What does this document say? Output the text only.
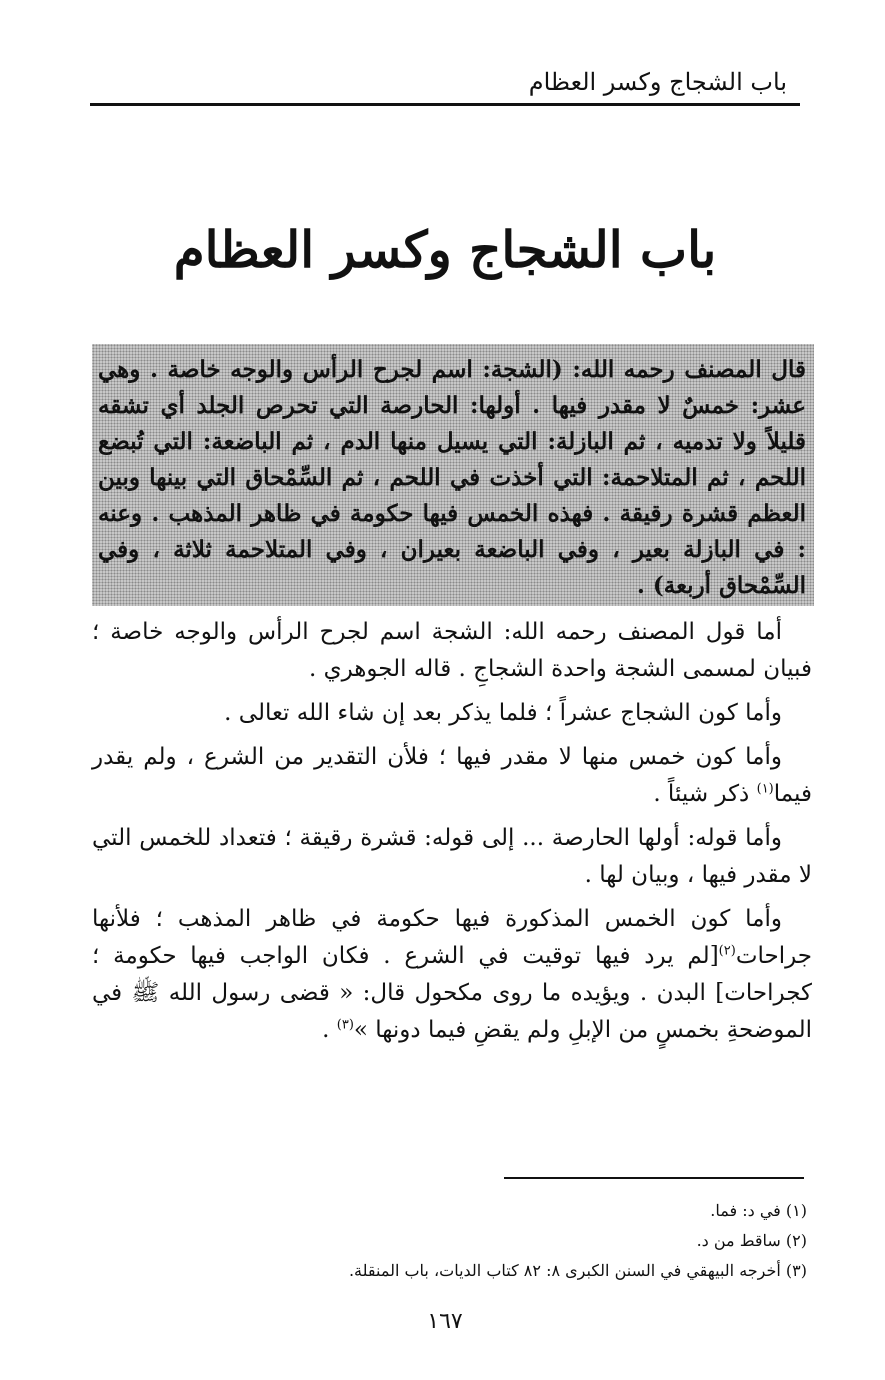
باب الشجاج وكسر العظام
باب الشجاج وكسر العظام
قال المصنف رحمه الله: (الشجة: اسم لجرح الرأس والوجه خاصة . وهي عشر: خمسٌ لا مقدر فيها . أولها: الحارصة التي تحرص الجلد أي تشقه قليلاً ولا تدميه ، ثم البازلة: التي يسيل منها الدم ، ثم الباضعة: التي تُبضع اللحم ، ثم المتلاحمة: التي أخذت في اللحم ، ثم السِّمْحاق التي بينها وبين العظم قشرة رقيقة . فهذه الخمس فيها حكومة في ظاهر المذهب . وعنه : في البازلة بعير ، وفي الباضعة بعيران ، وفي المتلاحمة ثلاثة ، وفي السِّمْحاق أربعة) .

أما قول المصنف رحمه الله: الشجة اسم لجرح الرأس والوجه خاصة ؛ فبيان لمسمى الشجة واحدة الشجاجِ . قاله الجوهري .

وأما كون الشجاج عشراً ؛ فلما يذكر بعد إن شاء الله تعالى .

وأما كون خمس منها لا مقدر فيها ؛ فلأن التقدير من الشرع ، ولم يقدر فيما$^{(١)}$ ذكر شيئاً .

وأما قوله: أولها الحارصة ... إلى قوله: قشرة رقيقة ؛ فتعداد للخمس التي لا مقدر فيها ، وبيان لها .

وأما كون الخمس المذكورة فيها حكومة في ظاهر المذهب ؛ فلأنها جراحات$^{(٢)}$[لم يرد فيها توقيت في الشرع . فكان الواجب فيها حكومة ؛ كجراحات] البدن . ويؤيده ما روى مكحول قال: « قضى رسول الله ﷺ في الموضحةِ بخمسٍ من الإبلِ ولم يقضِ فيما دونها »$^{(٣)}$ .

(١) في د: فما.

(٢) ساقط من د.

(٣) أخرجه البيهقي في السنن الكبرى ٨: ٨٢ كتاب الديات، باب المنقلة.

١٦٧
